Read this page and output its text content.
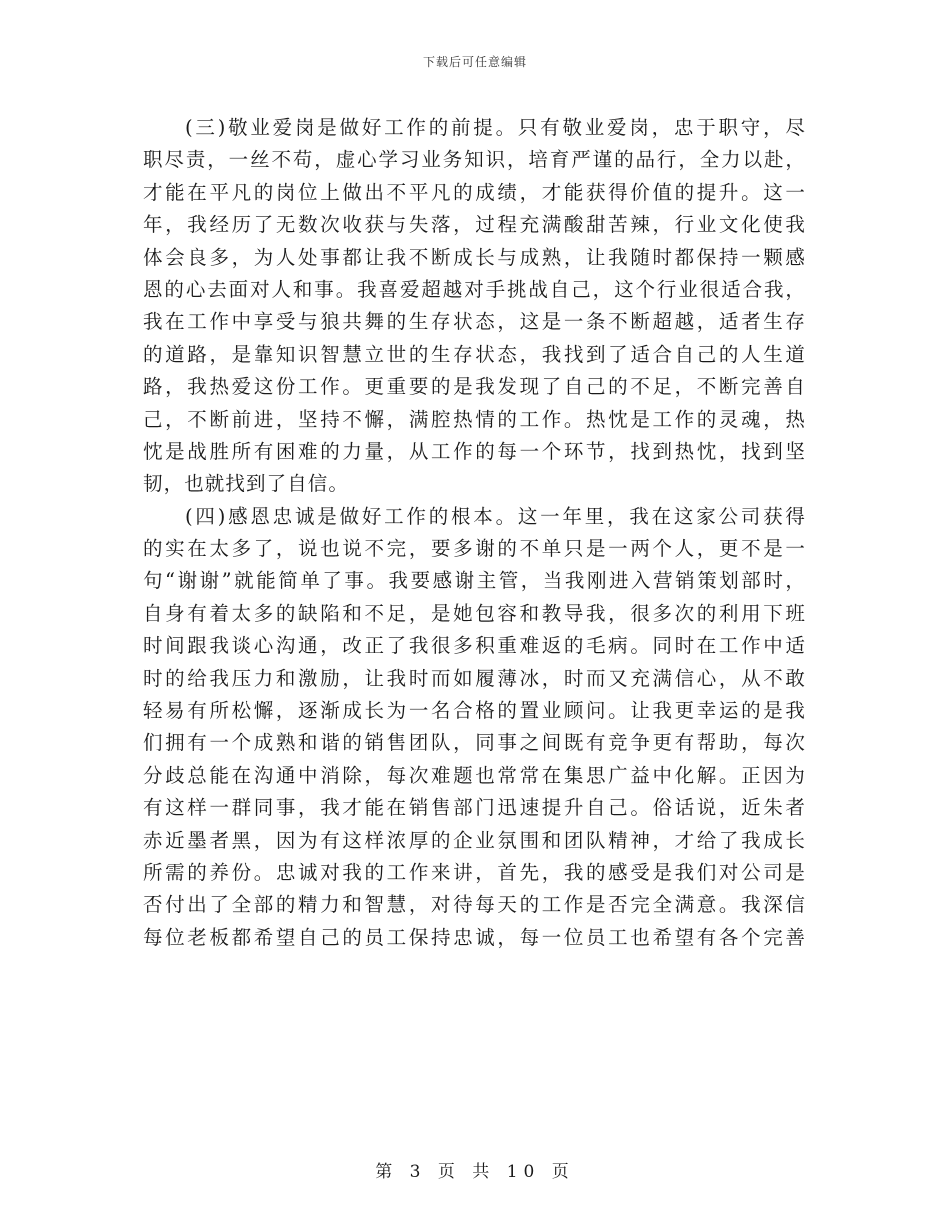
下载后可任意编辑

(三)敬业爱岗是做好工作的前提。只有敬业爱岗，忠于职守，尽
职尽责，一丝不苟，虚心学习业务知识，培育严谨的品行，全力以赴，
才能在平凡的岗位上做出不平凡的成绩，才能获得价值的提升。这一
年，我经历了无数次收获与失落，过程充满酸甜苦辣，行业文化使我
体会良多，为人处事都让我不断成长与成熟，让我随时都保持一颗感
恩的心去面对人和事。我喜爱超越对手挑战自己，这个行业很适合我，
我在工作中享受与狼共舞的生存状态，这是一条不断超越，适者生存
的道路，是靠知识智慧立世的生存状态，我找到了适合自己的人生道
路，我热爱这份工作。更重要的是我发现了自己的不足，不断完善自
己，不断前进，坚持不懈，满腔热情的工作。热忱是工作的灵魂，热
忱是战胜所有困难的力量，从工作的每一个环节，找到热忱，找到坚
韧，也就找到了自信。

(四)感恩忠诚是做好工作的根本。这一年里，我在这家公司获得
的实在太多了，说也说不完，要多谢的不单只是一两个人，更不是一
句“谢谢”就能简单了事。我要感谢主管，当我刚进入营销策划部时，
自身有着太多的缺陷和不足，是她包容和教导我，很多次的利用下班
时间跟我谈心沟通，改正了我很多积重难返的毛病。同时在工作中适
时的给我压力和激励，让我时而如履薄冰，时而又充满信心，从不敢
轻易有所松懈，逐渐成长为一名合格的置业顾问。让我更幸运的是我
们拥有一个成熟和谐的销售团队，同事之间既有竞争更有帮助，每次
分歧总能在沟通中消除，每次难题也常常在集思广益中化解。正因为
有这样一群同事，我才能在销售部门迅速提升自己。俗话说，近朱者
赤近墨者黑，因为有这样浓厚的企业氛围和团队精神，才给了我成长
所需的养份。忠诚对我的工作来讲，首先，我的感受是我们对公司是
否付出了全部的精力和智慧，对待每天的工作是否完全满意。我深信
每位老板都希望自己的员工保持忠诚，每一位员工也希望有各个完善

第 3 页 共 10 页
